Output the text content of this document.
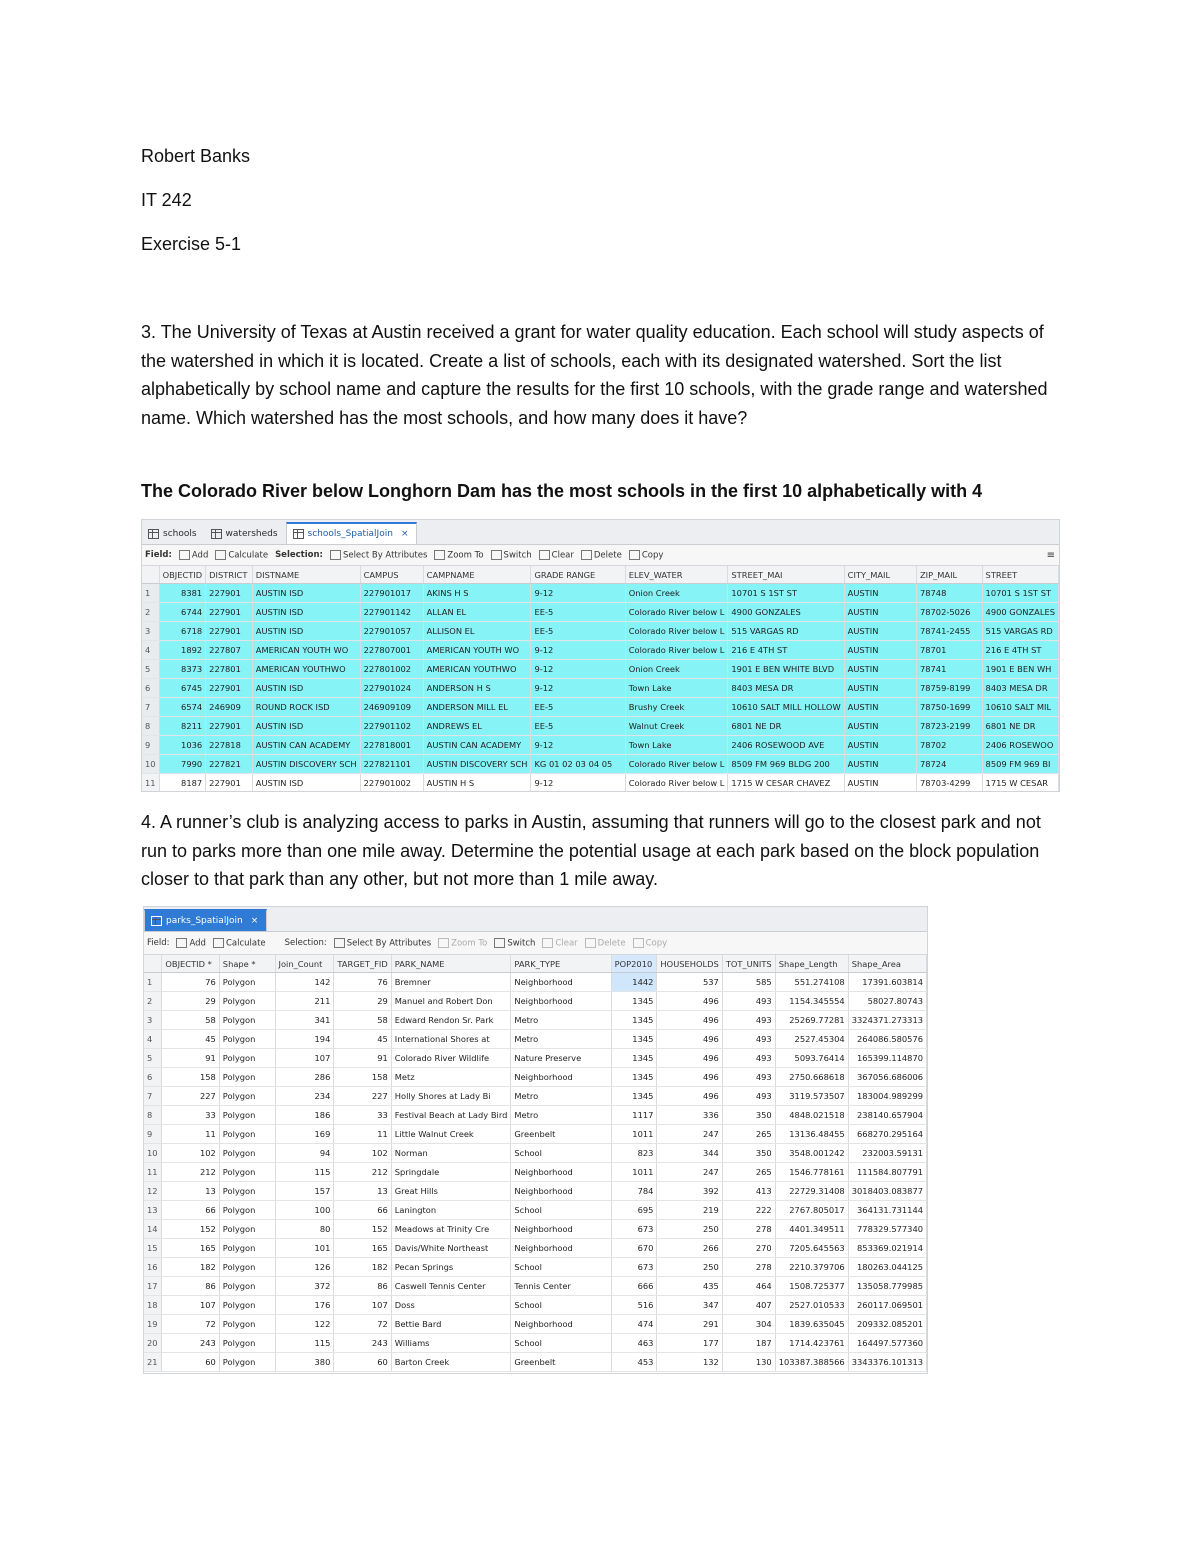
Robert Banks
IT 242
Exercise 5-1
3. The University of Texas at Austin received a grant for water quality education. Each school will study aspects of the watershed in which it is located. Create a list of schools, each with its designated watershed. Sort the list alphabetically by school name and capture the results for the first 10 schools, with the grade range and watershed name. Which watershed has the most schools, and how many does it have?
The Colorado River below Longhorn Dam has the most schools in the first 10 alphabetically with 4
4. A runner’s club is analyzing access to parks in Austin, assuming that runners will go to the closest park and not run to parks more than one mile away. Determine the potential usage at each park based on the block population closer to that park than any other, but not more than 1 mile away.
schools	watersheds	schools_SpatialJoin ×
Field:	Add	Calculate Selection:	Select By Attributes	Zoom To	Switch	Clear	Delete	Copy	≡
	OBJECTID	DISTRICT	DISTNAME	CAMPUS	CAMPNAME	GRADE RANGE	ELEV_WATER	STREET_MAI	CITY_MAIL	ZIP_MAIL	STREET
1	8381	227901	AUSTIN ISD	227901017	AKINS H S	9-12	Onion Creek	10701 S 1ST ST	AUSTIN	78748	10701 S 1ST ST
2	6744	227901	AUSTIN ISD	227901142	ALLAN EL	EE-5	Colorado River below L	4900 GONZALES	AUSTIN	78702-5026	4900 GONZALES
3	6718	227901	AUSTIN ISD	227901057	ALLISON EL	EE-5	Colorado River below L	515 VARGAS RD	AUSTIN	78741-2455	515 VARGAS RD
4	1892	227807	AMERICAN YOUTH WO	227807001	AMERICAN YOUTH WO	9-12	Colorado River below L	216 E 4TH ST	AUSTIN	78701	216 E 4TH ST
5	8373	227801	AMERICAN YOUTHWO	227801002	AMERICAN YOUTHWO	9-12	Onion Creek	1901 E BEN WHITE BLVD	AUSTIN	78741	1901 E BEN WH
6	6745	227901	AUSTIN ISD	227901024	ANDERSON H S	9-12	Town Lake	8403 MESA DR	AUSTIN	78759-8199	8403 MESA DR
7	6574	246909	ROUND ROCK ISD	246909109	ANDERSON MILL EL	EE-5	Brushy Creek	10610 SALT MILL HOLLOW	AUSTIN	78750-1699	10610 SALT MIL
8	8211	227901	AUSTIN ISD	227901102	ANDREWS EL	EE-5	Walnut Creek	6801 NE DR	AUSTIN	78723-2199	6801 NE DR
9	1036	227818	AUSTIN CAN ACADEMY	227818001	AUSTIN CAN ACADEMY	9-12	Town Lake	2406 ROSEWOOD AVE	AUSTIN	78702	2406 ROSEWOO
10	7990	227821	AUSTIN DISCOVERY SCH	227821101	AUSTIN DISCOVERY SCH	KG 01 02 03 04 05	Colorado River below L	8509 FM 969 BLDG 200	AUSTIN	78724	8509 FM 969 BI
11	8187	227901	AUSTIN ISD	227901002	AUSTIN H S	9-12	Colorado River below L	1715 W CESAR CHAVEZ	AUSTIN	78703-4299	1715 W CESAR
parks_SpatialJoin ×
Field:	Add	Calculate Selection:	Select By Attributes	Zoom To	Switch	Clear	Delete	Copy
	OBJECTID *	Shape *	Join_Count	TARGET_FID	PARK_NAME	PARK_TYPE	POP2010	HOUSEHOLDS	TOT_UNITS	Shape_Length	Shape_Area
1	76	Polygon	142	76	Bremner	Neighborhood	1442	537	585	551.274108	17391.603814
2	29	Polygon	211	29	Manuel and Robert Don	Neighborhood	1345	496	493	1154.345554	58027.80743
3	58	Polygon	341	58	Edward Rendon Sr. Park	Metro	1345	496	493	25269.77281	3324371.273313
4	45	Polygon	194	45	International Shores at	Metro	1345	496	493	2527.45304	264086.580576
5	91	Polygon	107	91	Colorado River Wildlife	Nature Preserve	1345	496	493	5093.76414	165399.114870
6	158	Polygon	286	158	Metz	Neighborhood	1345	496	493	2750.668618	367056.686006
7	227	Polygon	234	227	Holly Shores at Lady Bi	Metro	1345	496	493	3119.573507	183004.989299
8	33	Polygon	186	33	Festival Beach at Lady Bird	Metro	1117	336	350	4848.021518	238140.657904
9	11	Polygon	169	11	Little Walnut Creek	Greenbelt	1011	247	265	13136.48455	668270.295164
10	102	Polygon	94	102	Norman	School	823	344	350	3548.001242	232003.59131
11	212	Polygon	115	212	Springdale	Neighborhood	1011	247	265	1546.778161	111584.807791
12	13	Polygon	157	13	Great Hills	Neighborhood	784	392	413	22729.31408	3018403.083877
13	66	Polygon	100	66	Lanington	School	695	219	222	2767.805017	364131.731144
14	152	Polygon	80	152	Meadows at Trinity Cre	Neighborhood	673	250	278	4401.349511	778329.577340
15	165	Polygon	101	165	Davis/White Northeast	Neighborhood	670	266	270	7205.645563	853369.021914
16	182	Polygon	126	182	Pecan Springs	School	673	250	278	2210.379706	180263.044125
17	86	Polygon	372	86	Caswell Tennis Center	Tennis Center	666	435	464	1508.725377	135058.779985
18	107	Polygon	176	107	Doss	School	516	347	407	2527.010533	260117.069501
19	72	Polygon	122	72	Bettie Bard	Neighborhood	474	291	304	1839.635045	209332.085201
20	243	Polygon	115	243	Williams	School	463	177	187	1714.423761	164497.577360
21	60	Polygon	380	60	Barton Creek	Greenbelt	453	132	130	103387.388566	3343376.101313
